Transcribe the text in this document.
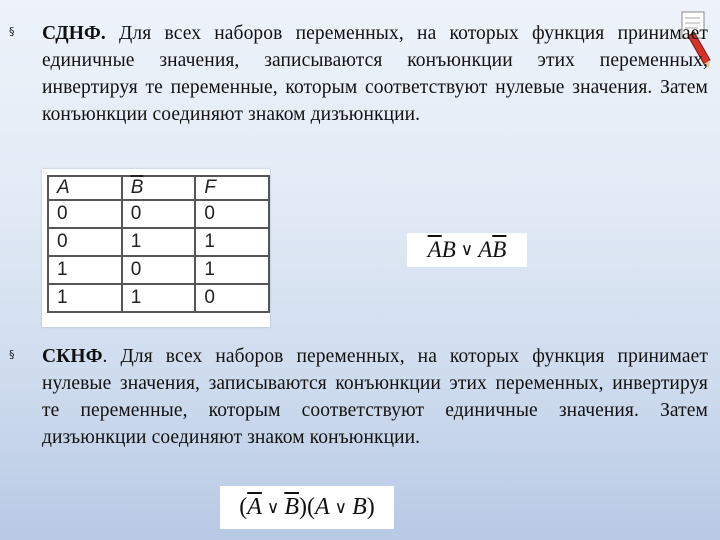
§ СДНФ. Для всех наборов переменных, на которых функция принимает единичные значения, записываются конъюнкции этих переменных, инвертируя те переменные, которым соответствуют нулевые значения. Затем конъюнкции соединяют знаком дизъюнкции.

A	$\overline{B}$	F
0	0	0
0	1	1
1	0	1
1	1	0
$\overline{A}$ B ∨ A $\overline{B}$
§ СКНФ. Для всех наборов переменных, на которых функция принимает нулевые значения, записываются конъюнкции этих переменных, инвертируя те переменные, которым соответствуют единичные значения. Затем дизъюнкции соединяют знаком конъюнкции.

( $\overline{A}$ ∨ $\overline{B}$ ) ( A ∨ B )
